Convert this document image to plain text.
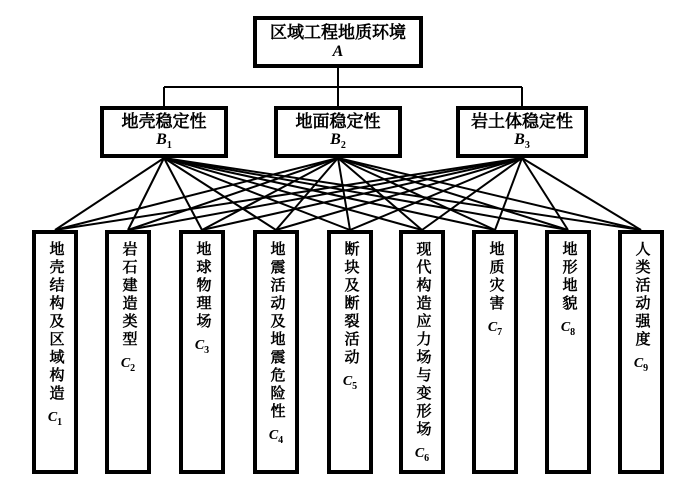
区域工程地质环境
A
地壳稳定性
$B_1$
地面稳定性
$B_2$
岩土体稳定性
$B_3$
地壳结构及区域构造
$C_1$
岩石建造类型
$C_2$
地球物理场
$C_3$	地震活动及地震危险性
$C_4$
断块及断裂活动
$C_5$	现代构造应力场与变形场
$C_6$
地质灾害
$C_7$
地形地貌
$C_8$	人类活动强度
$C_9$
